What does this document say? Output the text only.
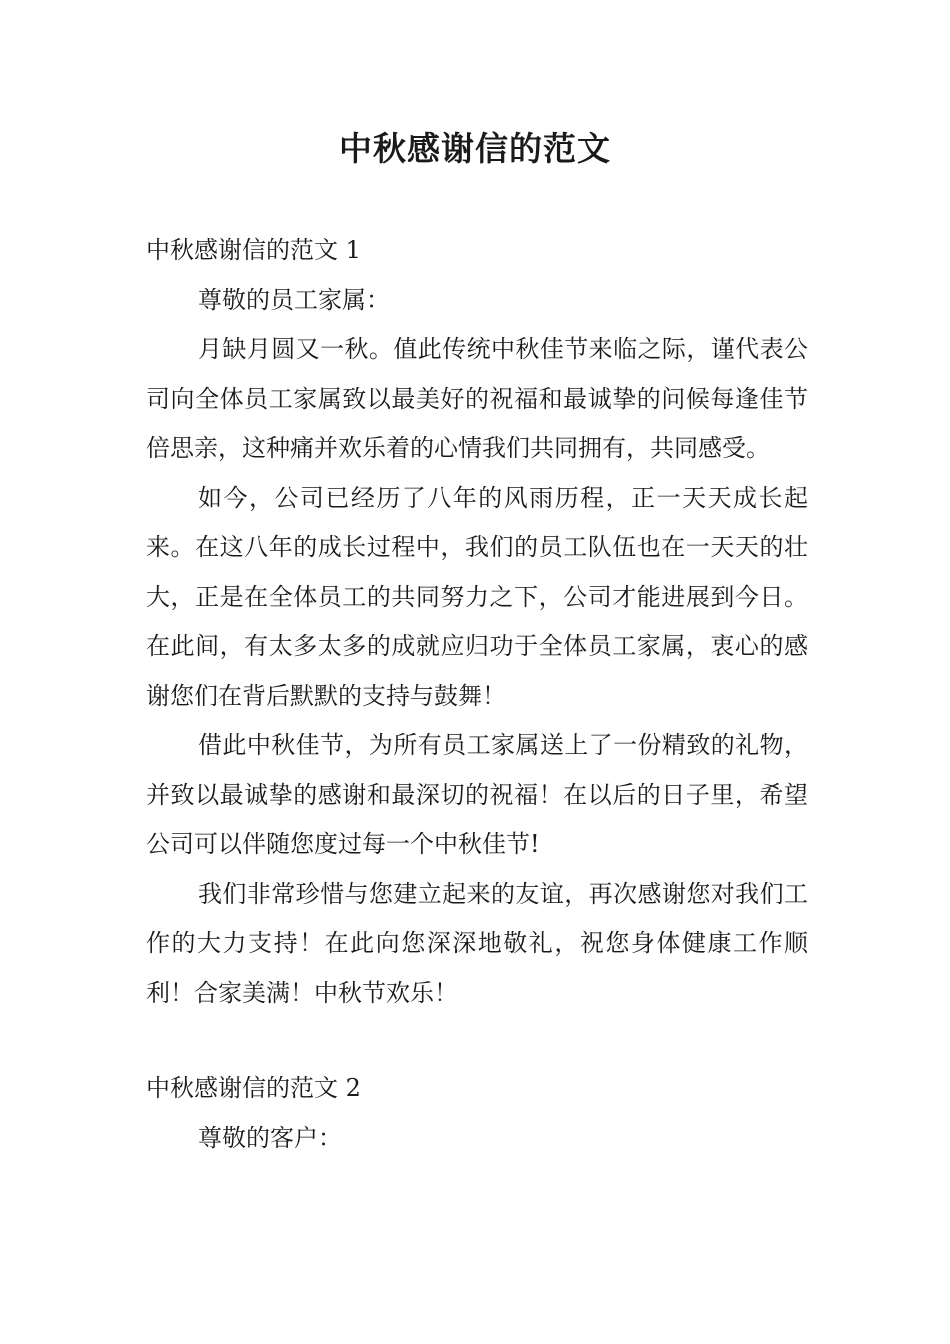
中秋感谢信的范文

中秋感谢信的范文 1

尊敬的员工家属：

月缺月圆又一秋。值此传统中秋佳节来临之际，谨代表公司向全体员工家属致以最美好的祝福和最诚挚的问候每逢佳节倍思亲，这种痛并欢乐着的心情我们共同拥有，共同感受。

如今，公司已经历了八年的风雨历程，正一天天成长起来。在这八年的成长过程中，我们的员工队伍也在一天天的壮大，正是在全体员工的共同努力之下，公司才能进展到今日。在此间，有太多太多的成就应归功于全体员工家属，衷心的感谢您们在背后默默的支持与鼓舞！

借此中秋佳节，为所有员工家属送上了一份精致的礼物，并致以最诚挚的感谢和最深切的祝福！在以后的日子里，希望公司可以伴随您度过每一个中秋佳节!

我们非常珍惜与您建立起来的友谊，再次感谢您对我们工作的大力支持！在此向您深深地敬礼，祝您身体健康工作顺利！合家美满！中秋节欢乐！

中秋感谢信的范文 2

尊敬的客户：
